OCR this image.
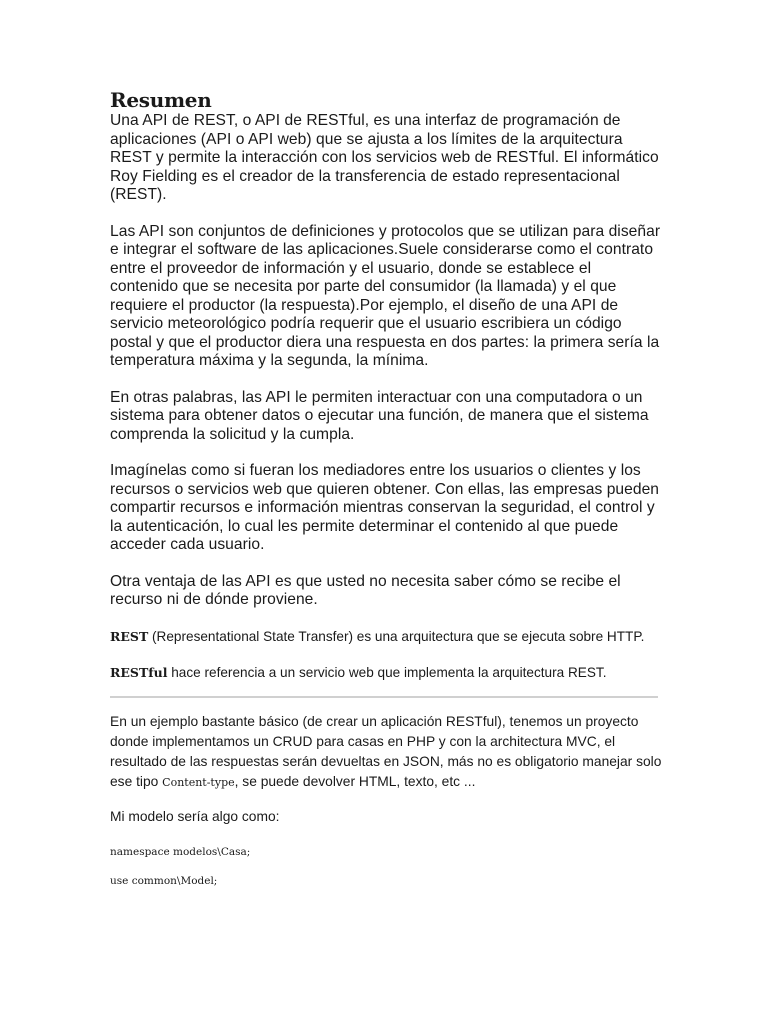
Resumen

Una API de REST, o API de RESTful, es una interfaz de programación de aplicaciones (API o API web) que se ajusta a los límites de la arquitectura REST y permite la interacción con los servicios web de RESTful. El informático Roy Fielding es el creador de la transferencia de estado representacional (REST).

Las API son conjuntos de definiciones y protocolos que se utilizan para diseñar e integrar el software de las aplicaciones.Suele considerarse como el contrato entre el proveedor de información y el usuario, donde se establece el contenido que se necesita por parte del consumidor (la llamada) y el que requiere el productor (la respuesta).Por ejemplo, el diseño de una API de servicio meteorológico podría requerir que el usuario escribiera un código postal y que el productor diera una respuesta en dos partes: la primera sería la temperatura máxima y la segunda, la mínima.

En otras palabras, las API le permiten interactuar con una computadora o un sistema para obtener datos o ejecutar una función, de manera que el sistema comprenda la solicitud y la cumpla.

Imagínelas como si fueran los mediadores entre los usuarios o clientes y los recursos o servicios web que quieren obtener. Con ellas, las empresas pueden compartir recursos e información mientras conservan la seguridad, el control y la autenticación, lo cual les permite determinar el contenido al que puede acceder cada usuario.

Otra ventaja de las API es que usted no necesita saber cómo se recibe el recurso ni de dónde proviene.

REST (Representational State Transfer) es una arquitectura que se ejecuta sobre HTTP.

RESTful hace referencia a un servicio web que implementa la arquitectura REST.

En un ejemplo bastante básico (de crear un aplicación RESTful), tenemos un proyecto donde implementamos un CRUD para casas en PHP y con la architectura MVC, el resultado de las respuestas serán devueltas en JSON, más no es obligatorio manejar solo ese tipo Content-type, se puede devolver HTML, texto, etc ...

Mi modelo sería algo como:

namespace modelos\Casa;

use common\Model;
